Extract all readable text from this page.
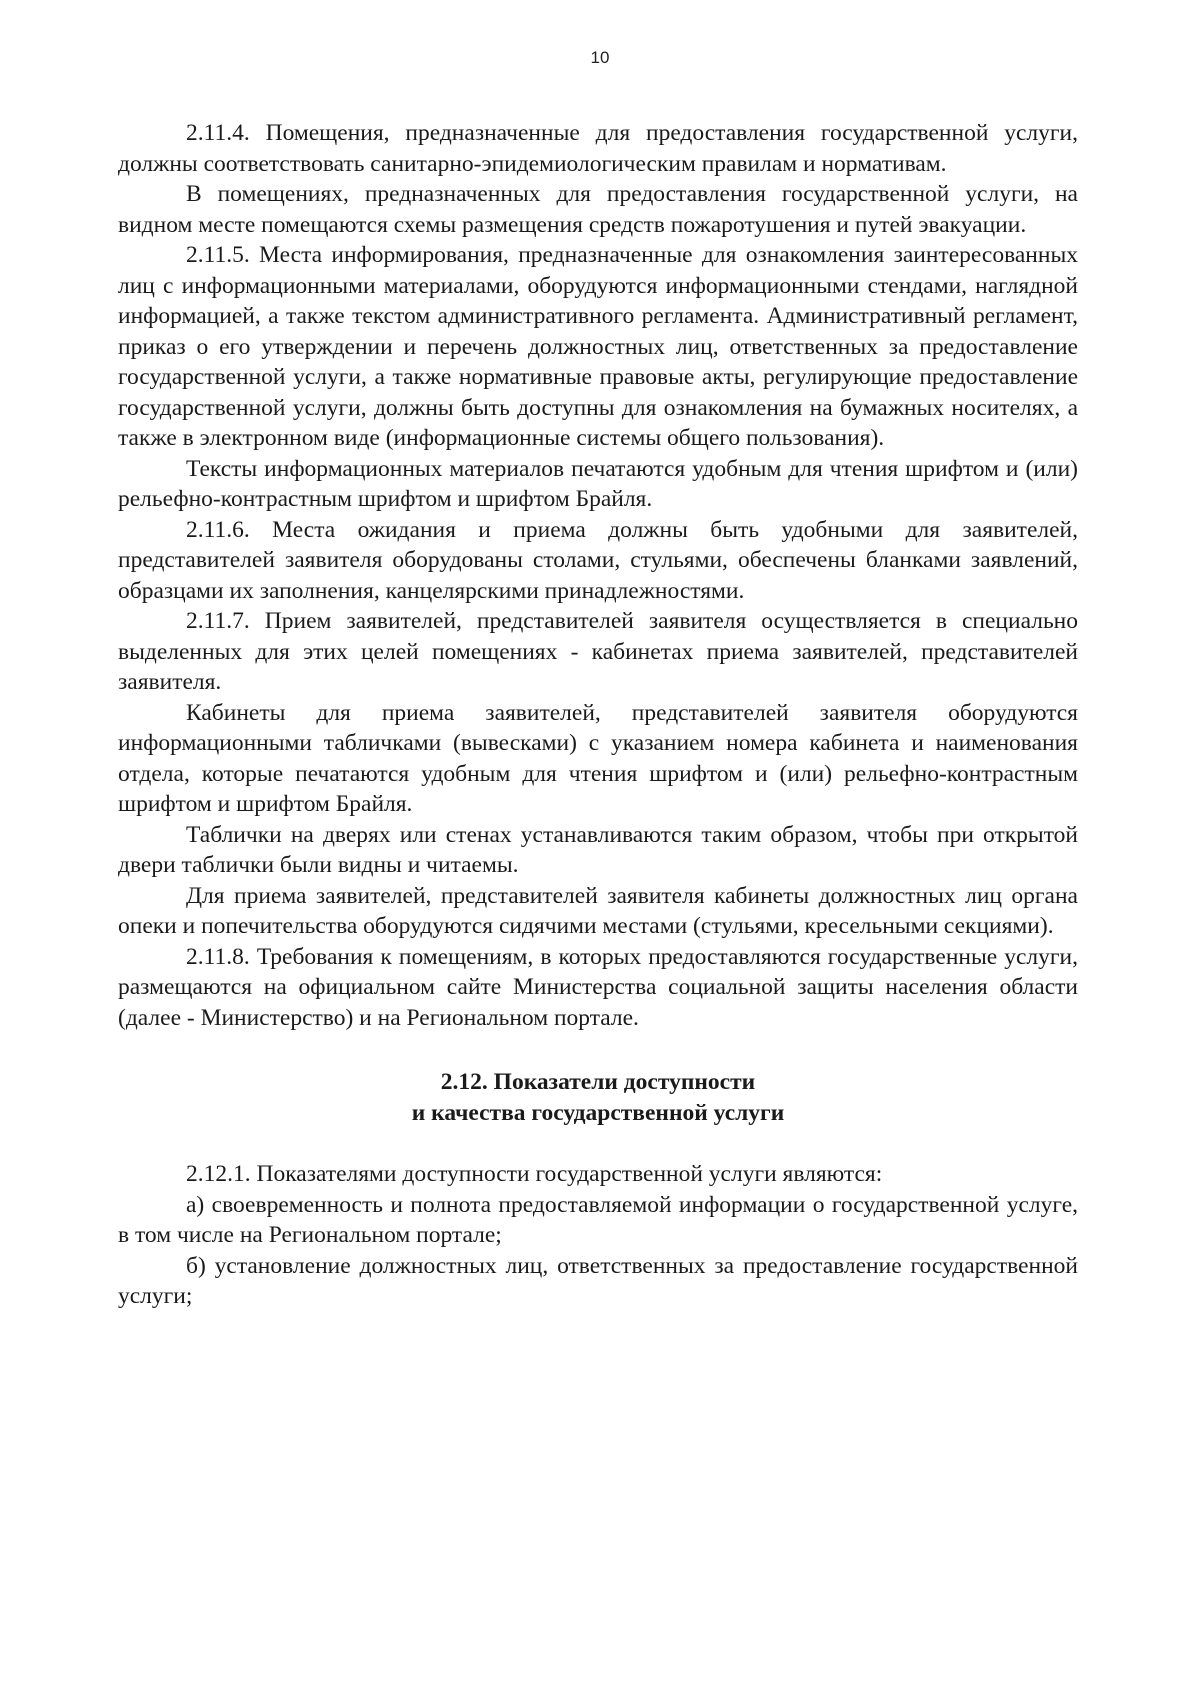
10

2.11.4. Помещения, предназначенные для предоставления государственной услуги, должны соответствовать санитарно-эпидемиологическим правилам и нормативам.

В помещениях, предназначенных для предоставления государственной услуги, на видном месте помещаются схемы размещения средств пожаротушения и путей эвакуации.

2.11.5. Места информирования, предназначенные для ознакомления заинтересованных лиц с информационными материалами, оборудуются информационными стендами, наглядной информацией, а также текстом административного регламента. Административный регламент, приказ о его утверждении и перечень должностных лиц, ответственных за предоставление государственной услуги, а также нормативные правовые акты, регулирующие предоставление государственной услуги, должны быть доступны для ознакомления на бумажных носителях, а также в электронном виде (информационные системы общего пользования).

Тексты информационных материалов печатаются удобным для чтения шрифтом и (или) рельефно-контрастным шрифтом и шрифтом Брайля.

2.11.6. Места ожидания и приема должны быть удобными для заявителей, представителей заявителя оборудованы столами, стульями, обеспечены бланками заявлений, образцами их заполнения, канцелярскими принадлежностями.

2.11.7. Прием заявителей, представителей заявителя осуществляется в специально выделенных для этих целей помещениях - кабинетах приема заявителей, представителей заявителя.

Кабинеты для приема заявителей, представителей заявителя оборудуются информационными табличками (вывесками) с указанием номера кабинета и наименования отдела, которые печатаются удобным для чтения шрифтом и (или) рельефно-контрастным шрифтом и шрифтом Брайля.

Таблички на дверях или стенах устанавливаются таким образом, чтобы при открытой двери таблички были видны и читаемы.

Для приема заявителей, представителей заявителя кабинеты должностных лиц органа опеки и попечительства оборудуются сидячими местами (стульями, кресельными секциями).

2.11.8. Требования к помещениям, в которых предоставляются государственные услуги, размещаются на официальном сайте Министерства социальной защиты населения области (далее - Министерство) и на Региональном портале.

2.12. Показатели доступности
и качества государственной услуги

2.12.1. Показателями доступности государственной услуги являются:

а) своевременность и полнота предоставляемой информации о государственной услуге, в том числе на Региональном портале;

б) установление должностных лиц, ответственных за предоставление государственной услуги;
